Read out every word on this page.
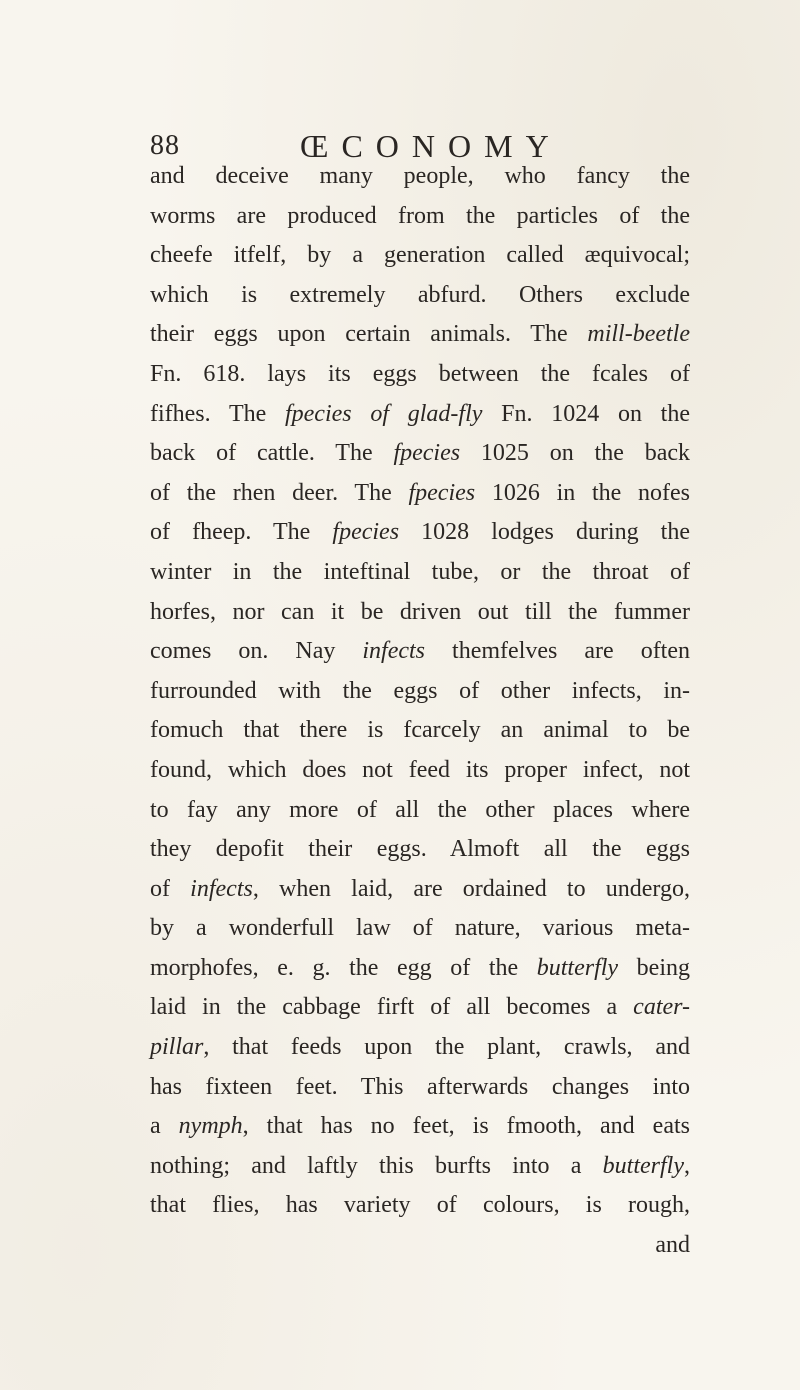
88	ŒCONOMY
and deceive many people, who fancy the
worms are produced from the particles of the
cheefe itfelf, by a generation called æquivocal;
which is extremely abfurd. Others exclude
their eggs upon certain animals. The mill-beetle
Fn. 618. lays its eggs between the fcales of
fifhes. The fpecies of glad-fly Fn. 1024 on the
back of cattle. The fpecies 1025 on the back
of the rhen deer. The fpecies 1026 in the nofes
of fheep. The fpecies 1028 lodges during the
winter in the inteftinal tube, or the throat of
horfes, nor can it be driven out till the fummer
comes on. Nay infects themfelves are often
furrounded with the eggs of other infects, in-
fomuch that there is fcarcely an animal to be
found, which does not feed its proper infect, not
to fay any more of all the other places where
they depofit their eggs. Almoft all the eggs
of infects, when laid, are ordained to undergo,
by a wonderfull law of nature, various meta-
morphofes, e. g. the egg of the butterfly being
laid in the cabbage firft of all becomes a cater-
pillar, that feeds upon the plant, crawls, and
has fixteen feet. This afterwards changes into
a nymph, that has no feet, is fmooth, and eats
nothing; and laftly this burfts into a butterfly,
that flies, has variety of colours, is rough,
and
